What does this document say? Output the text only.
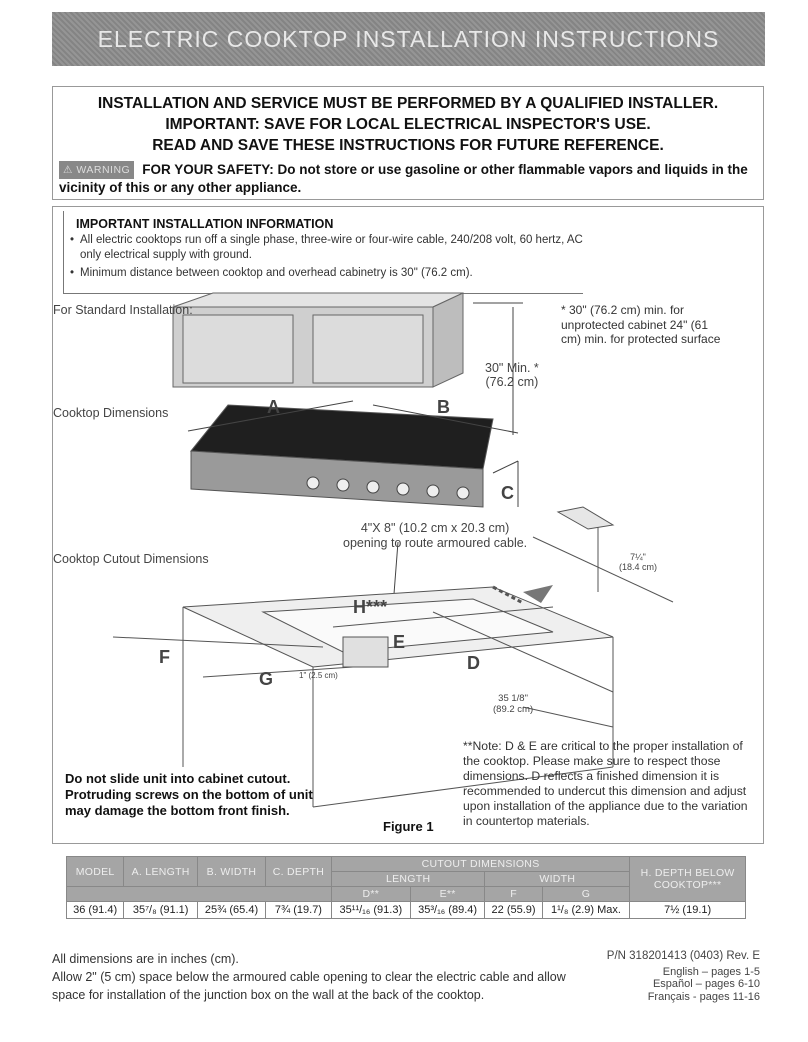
ELECTRIC COOKTOP INSTALLATION INSTRUCTIONS
INSTALLATION AND SERVICE MUST BE PERFORMED BY A QUALIFIED INSTALLER.
IMPORTANT: SAVE FOR LOCAL ELECTRICAL INSPECTOR'S USE.
READ AND SAVE THESE INSTRUCTIONS FOR FUTURE REFERENCE.
⚠ WARNING FOR YOUR SAFETY: Do not store or use gasoline or other flammable vapors and liquids in the vicinity of this or any other appliance.
IMPORTANT INSTALLATION INFORMATION
• All electric cooktops run off a single phase, three-wire or four-wire cable, 240/208 volt, 60 hertz, AC only electrical supply with ground.
• Minimum distance between cooktop and overhead cabinetry is 30" (76.2 cm).
For Standard Installation:	* 30" (76.2 cm) min. for unprotected cabinet 24" (61 cm) min. for protected surface
30" Min. *
(76.2 cm)
Cooktop Dimensions	A	B
C
4"X 8" (10.2 cm x 20.3 cm)
opening to route armoured cable.
Cooktop Cutout Dimensions	7¼"
(18.4 cm)
H***
E
F	D
G	1" (2.5 cm)
35 1/8"
(89.2 cm)
**Note: D & E are critical to the proper installation of the cooktop. Please make sure to respect those dimensions. D reflects a finished dimension it is recommended to undercut this dimension and adjust upon installation of the appliance due to the variation in countertop materials.
Do not slide unit into cabinet cutout. Protruding screws on the bottom of unit may damage the bottom front finish.
Figure 1
MODEL	A. LENGTH	B. WIDTH	C. DEPTH	CUTOUT DIMENSIONS				H. DEPTH BELOW
COOKTOP***

				LENGTH		WIDTH		
				D**	E**	F	G	
36 (91.4)	35⁷/₈ (91.1)	25¾ (65.4)	7¾ (19.7)	35¹¹/₁₆ (91.3)	35³/₁₆ (89.4)	22 (55.9)	1¹/₈ (2.9) Max.	7½ (19.1)
All dimensions are in inches (cm).
Allow 2" (5 cm) space below the armoured cable opening to clear the electric cable and allow space for installation of the junction box on the wall at the back of the cooktop.
P/N 318201413 (0403) Rev. E
English – pages 1-5
Español – pages 6-10
Français - pages 11-16
